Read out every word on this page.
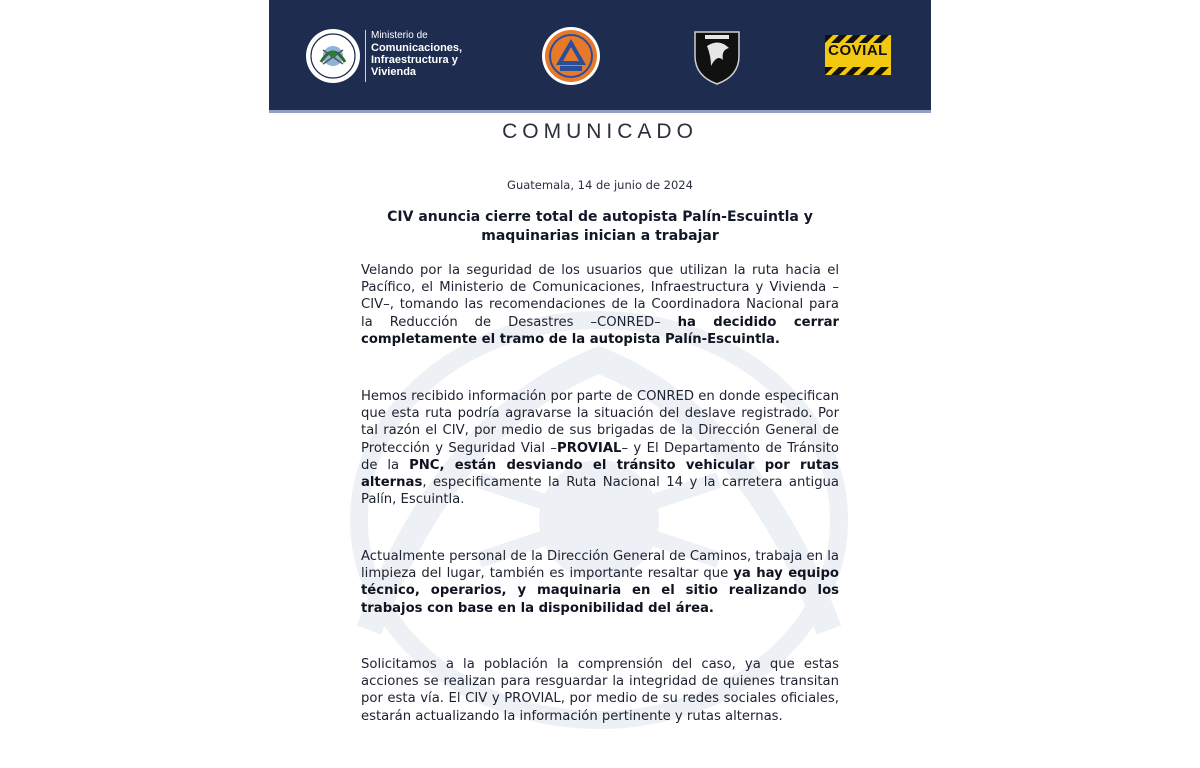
Ministerio de
Comunicaciones,
Infraestructura y
Vivienda
COVIAL
COMUNICADO
Guatemala, 14 de junio de 2024
CIV anuncia cierre total de autopista Palín-Escuintla y maquinarias inician a trabajar
Velando por la seguridad de los usuarios que utilizan la ruta hacia el Pacífico, el Ministerio de Comunicaciones, Infraestructura y Vivienda –CIV–, tomando las recomendaciones de la Coordinadora Nacional para la Reducción de Desastres –CONRED– ha decidido cerrar completamente el tramo de la autopista Palín-Escuintla.
Hemos recibido información por parte de CONRED en donde especifican que esta ruta podría agravarse la situación del deslave registrado. Por tal razón el CIV, por medio de sus brigadas de la Dirección General de Protección y Seguridad Vial –PROVIAL– y El Departamento de Tránsito de la PNC, están desviando el tránsito vehicular por rutas alternas, especificamente la Ruta Nacional 14 y la carretera antigua Palín, Escuintla.
Actualmente personal de la Dirección General de Caminos, trabaja en la limpieza del lugar, también es importante resaltar que ya hay equipo técnico, operarios, y maquinaria en el sitio realizando los trabajos con base en la disponibilidad del área.
Solicitamos a la población la comprensión del caso, ya que estas acciones se realizan para resguardar la integridad de quienes transitan por esta vía. El CIV y PROVIAL, por medio de su redes sociales oficiales, estarán actualizando la información pertinente y rutas alternas.
